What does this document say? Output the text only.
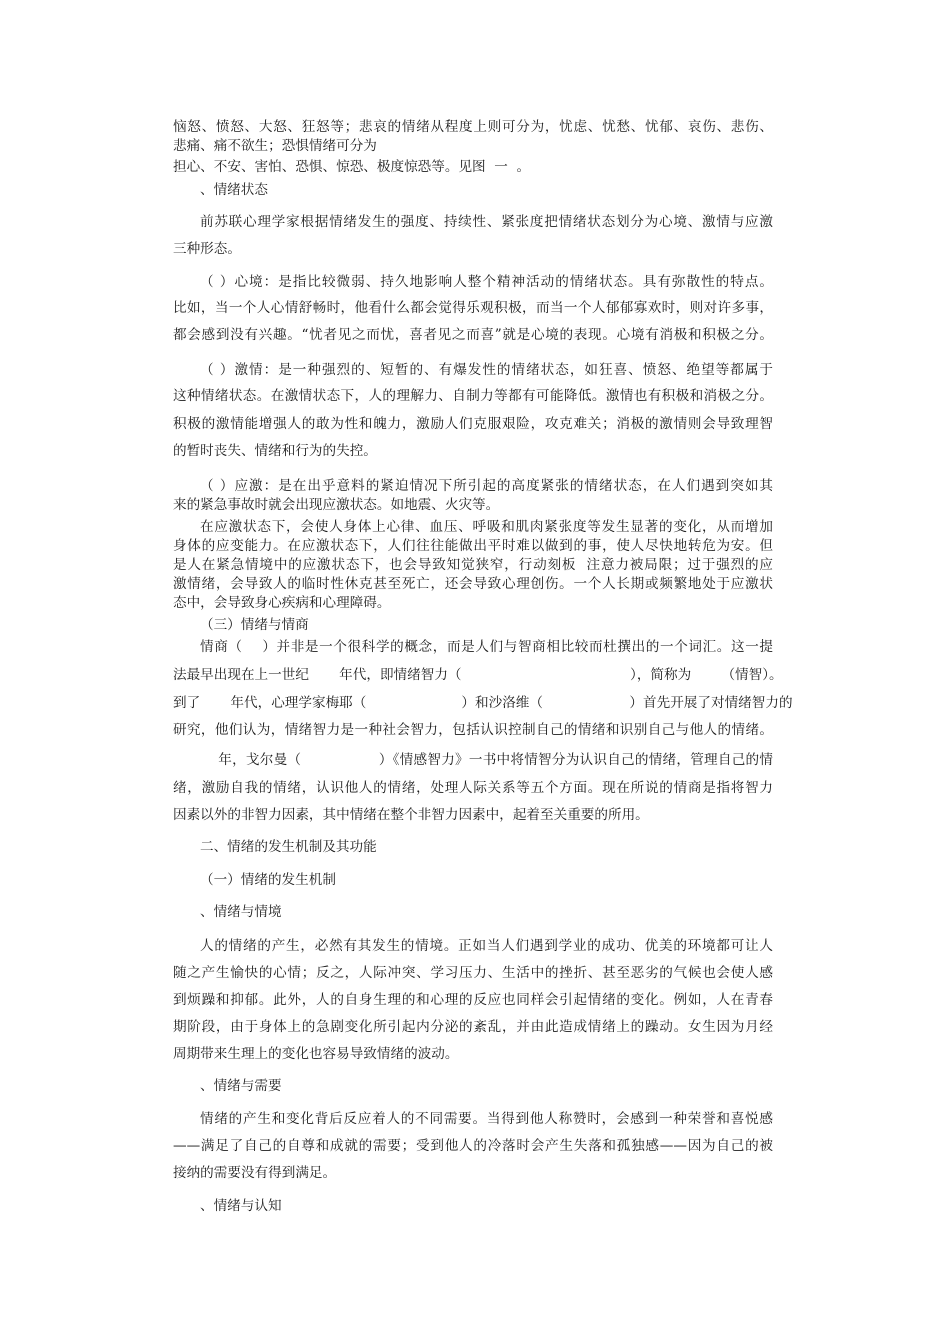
恼怒、愤怒、大怒、狂怒等；悲哀的情绪从程度上则可分为，忧虑、忧愁、忧郁、哀伤、悲伤、
悲痛、痛不欲生；恐惧情绪可分为
担心、不安、害怕、恐惧、惊恐、极度惊恐等。见图  一  。
、情绪状态
前苏联心理学家根据情绪发生的强度、持续性、紧张度把情绪状态划分为心境、激情与应激
三种形态。
（ ）心境：是指比较微弱、持久地影响人整个精神活动的情绪状态。具有弥散性的特点。
比如，当一个人心情舒畅时，他看什么都会觉得乐观积极，而当一个人郁郁寡欢时，则对许多事，
都会感到没有兴趣。“忧者见之而忧，喜者见之而喜”就是心境的表现。心境有消极和积极之分。
（ ）激情：是一种强烈的、短暂的、有爆发性的情绪状态，如狂喜、愤怒、绝望等都属于
这种情绪状态。在激情状态下，人的理解力、自制力等都有可能降低。激情也有积极和消极之分。
积极的激情能增强人的敢为性和魄力，激励人们克服艰险，攻克难关；消极的激情则会导致理智
的暂时丧失、情绪和行为的失控。
（ ）应激：是在出乎意料的紧迫情况下所引起的高度紧张的情绪状态，在人们遇到突如其
来的紧急事故时就会出现应激状态。如地震、火灾等。
在应激状态下，会使人身体上心律、血压、呼吸和肌肉紧张度等发生显著的变化，从而增加
身体的应变能力。在应激状态下，人们往往能做出平时难以做到的事，使人尽快地转危为安。但
是人在紧急情境中的应激状态下，也会导致知觉狭窄，行动刻板  注意力被局限；过于强烈的应
激情绪，会导致人的临时性休克甚至死亡，还会导致心理创伤。一个人长期或频繁地处于应激状
态中，会导致身心疾病和心理障碍。
（三）情绪与情商
情商（    ）并非是一个很科学的概念，而是人们与智商相比较而杜撰出的一个词汇。这一提
法最早出现在上一世纪       年代，即情绪智力（                                       ），简称为       （情智）。
到了       年代，心理学家梅耶（                      ）和沙洛维（                    ）首先开展了对情绪智力的
研究，他们认为，情绪智力是一种社会智力，包括认识控制自己的情绪和识别自己与他人的情绪。
年，戈尔曼（                 ）《情感智力》一书中将情智分为认识自己的情绪，管理自己的情
绪，激励自我的情绪，认识他人的情绪，处理人际关系等五个方面。现在所说的情商是指将智力
因素以外的非智力因素，其中情绪在整个非智力因素中，起着至关重要的所用。
二、情绪的发生机制及其功能
（一）情绪的发生机制
、情绪与情境
人的情绪的产生，必然有其发生的情境。正如当人们遇到学业的成功、优美的环境都可让人
随之产生愉快的心情；反之，人际冲突、学习压力、生活中的挫折、甚至恶劣的气候也会使人感
到烦躁和抑郁。此外，人的自身生理的和心理的反应也同样会引起情绪的变化。例如，人在青春
期阶段，由于身体上的急剧变化所引起内分泌的紊乱，并由此造成情绪上的躁动。女生因为月经
周期带来生理上的变化也容易导致情绪的波动。
、情绪与需要
情绪的产生和变化背后反应着人的不同需要。当得到他人称赞时，会感到一种荣誉和喜悦感
——满足了自己的自尊和成就的需要；受到他人的冷落时会产生失落和孤独感——因为自己的被
接纳的需要没有得到满足。
、情绪与认知
